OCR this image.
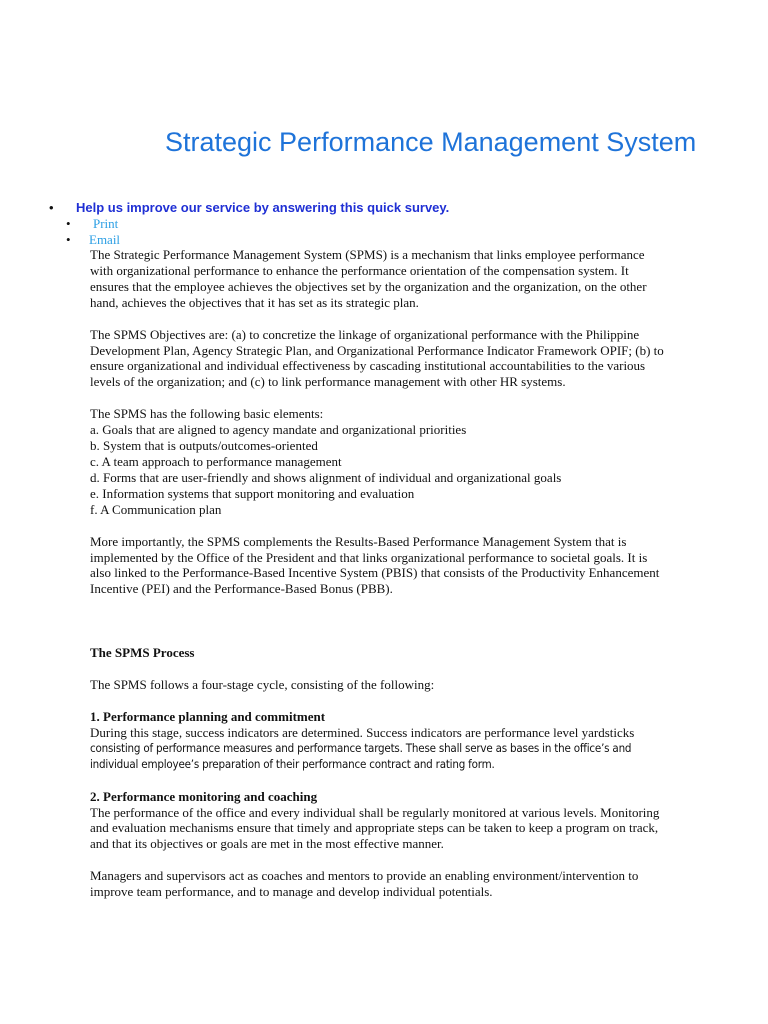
Strategic Performance Management System
• Help us improve our service by answering this quick survey.
• Print
• Email

The Strategic Performance Management System (SPMS) is a mechanism that links employee performance with organizational performance to enhance the performance orientation of the compensation system. It ensures that the employee achieves the objectives set by the organization and the organization, on the other hand, achieves the objectives that it has set as its strategic plan.

The SPMS Objectives are: (a) to concretize the linkage of organizational performance with the Philippine Development Plan, Agency Strategic Plan, and Organizational Performance Indicator Framework OPIF; (b) to ensure organizational and individual effectiveness by cascading institutional accountabilities to the various levels of the organization; and (c) to link performance management with other HR systems.

The SPMS has the following basic elements:

a. Goals that are aligned to agency mandate and organizational priorities

b. System that is outputs/outcomes-oriented

c. A team approach to performance management

d. Forms that are user-friendly and shows alignment of individual and organizational goals

e. Information systems that support monitoring and evaluation

f. A Communication plan

More importantly, the SPMS complements the Results-Based Performance Management System that is implemented by the Office of the President and that links organizational performance to societal goals. It is also linked to the Performance-Based Incentive System (PBIS) that consists of the Productivity Enhancement Incentive (PEI) and the Performance-Based Bonus (PBB).

The SPMS Process

The SPMS follows a four-stage cycle, consisting of the following:

1. Performance planning and commitment

During this stage, success indicators are determined. Success indicators are performance level yardsticks

consisting of performance measures and performance targets. These shall serve as bases in the office’s and

individual employee’s preparation of their performance contract and rating form.

2. Performance monitoring and coaching

The performance of the office and every individual shall be regularly monitored at various levels. Monitoring and evaluation mechanisms ensure that timely and appropriate steps can be taken to keep a program on track, and that its objectives or goals are met in the most effective manner.

Managers and supervisors act as coaches and mentors to provide an enabling environment/intervention to improve team performance, and to manage and develop individual potentials.
